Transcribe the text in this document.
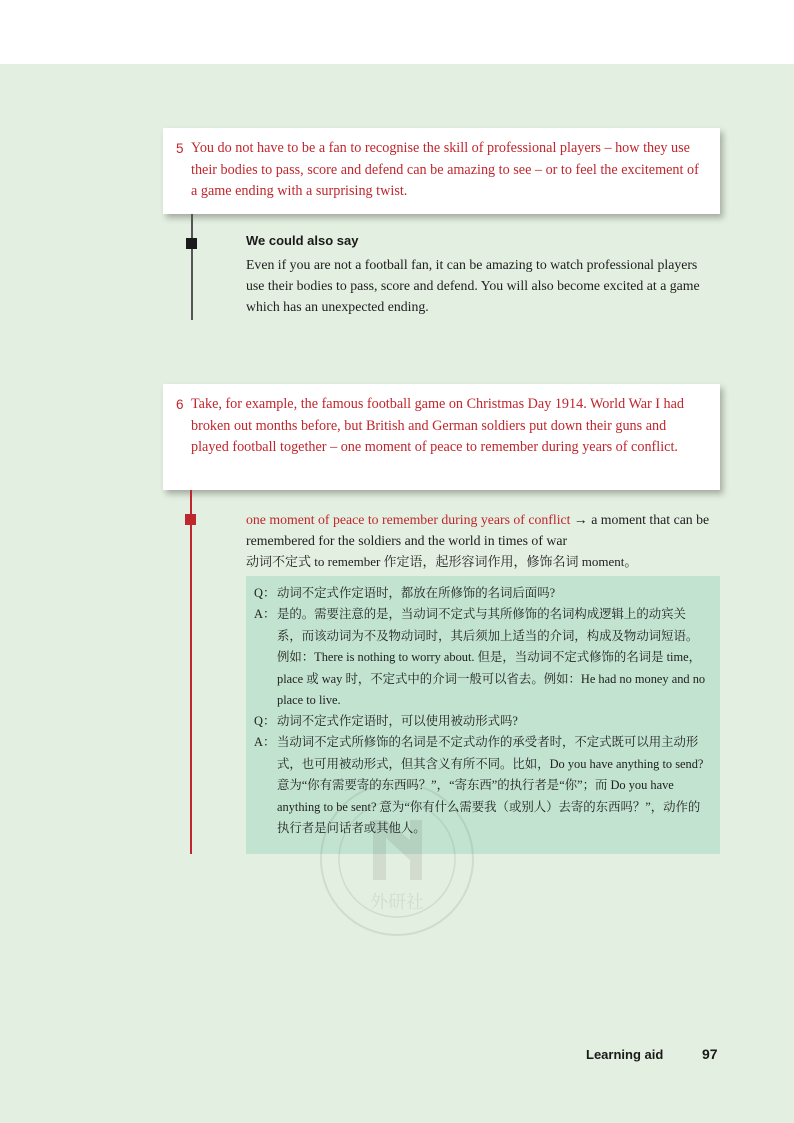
5 You do not have to be a fan to recognise the skill of professional players – how they use their bodies to pass, score and defend can be amazing to see – or to feel the excitement of a game ending with a surprising twist.
We could also say
Even if you are not a football fan, it can be amazing to watch professional players use their bodies to pass, score and defend. You will also become excited at a game which has an unexpected ending.
6 Take, for example, the famous football game on Christmas Day 1914. World War I had broken out months before, but British and German soldiers put down their guns and played football together – one moment of peace to remember during years of conflict.
one moment of peace to remember during years of conflict → a moment that can be remembered for the soldiers and the world in times of war
动词不定式 to remember 作定语，起形容词作用，修饰名词 moment。
Q： 动词不定式作定语时，都放在所修饰的名词后面吗?
A： 是的。需要注意的是，当动词不定式与其所修饰的名词构成逻辑上的动宾关系，而该动词为不及物动词时，其后须加上适当的介词，构成及物动词短语。例如：There is nothing to worry about. 但是，当动词不定式修饰的名词是 time，place 或 way 时，不定式中的介词一般可以省去。例如：He had no money and no place to live.
Q： 动词不定式作定语时，可以使用被动形式吗?
A： 当动词不定式所修饰的名词是不定式动作的承受者时，不定式既可以用主动形式，也可用被动形式，但其含义有所不同。比如，Do you have anything to send? 意为“你有需要寄的东西吗？”，“寄东西”的执行者是“你”；而 Do you have anything to be sent? 意为“你有什么需要我（或别人）去寄的东西吗？”，动作的执行者是问话者或其他人。
外研社
Learning aid	97
